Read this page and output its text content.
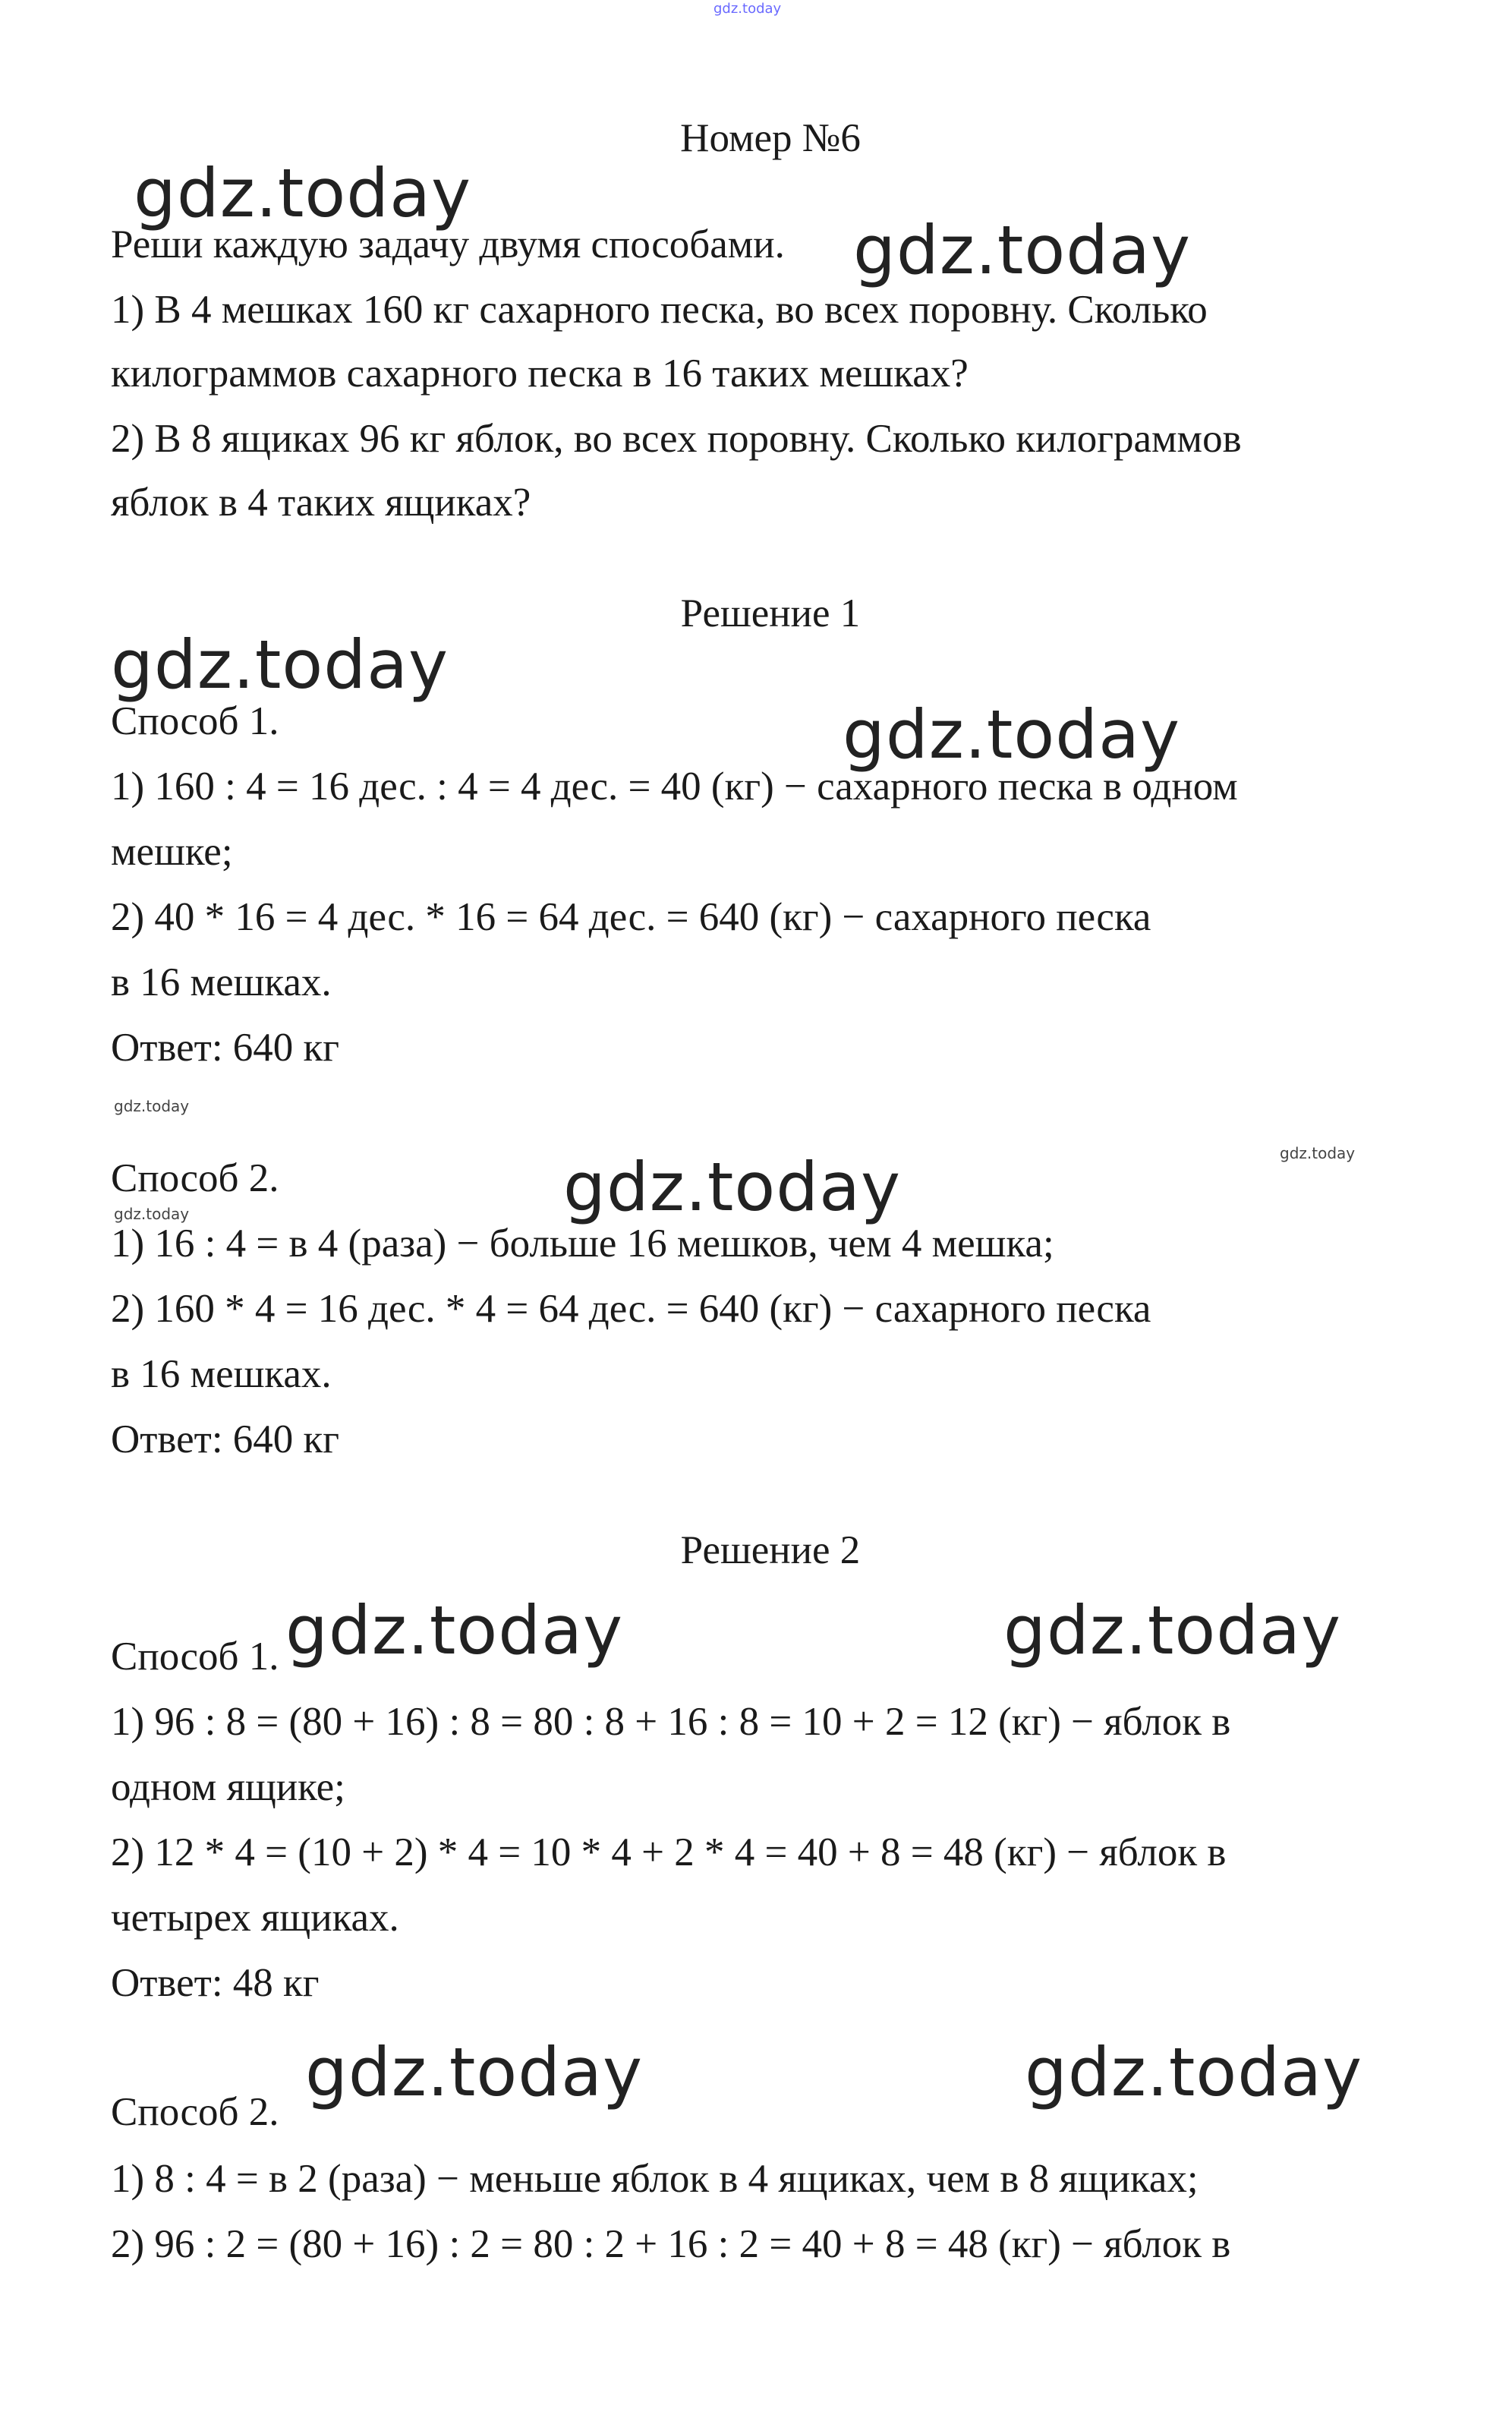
gdz.today
Номер №6
Реши каждую задачу двумя способами.
1) В 4 мешках 160 кг сахарного песка, во всех поровну. Сколько
килограммов сахарного песка в 16 таких мешках?
2) В 8 ящиках 96 кг яблок, во всех поровну. Сколько килограммов
яблок в 4 таких ящиках?
Решение 1
Способ 1.
1) 160 : 4 = 16 дес. : 4 = 4 дес. = 40 (кг) − сахарного песка в одном
мешке;
2) 40 * 16 = 4 дес. * 16 = 64 дес. = 640 (кг) − сахарного песка
в 16 мешках.
Ответ: 640 кг
Способ 2.
1) 16 : 4 = в 4 (раза) − больше 16 мешков, чем 4 мешка;
2) 160 * 4 = 16 дес. * 4 = 64 дес. = 640 (кг) − сахарного песка
в 16 мешках.
Ответ: 640 кг
Решение 2
Способ 1.
1) 96 : 8 = (80 + 16) : 8 = 80 : 8 + 16 : 8 = 10 + 2 = 12 (кг) − яблок в
одном ящике;
2) 12 * 4 = (10 + 2) * 4 = 10 * 4 + 2 * 4 = 40 + 8 = 48 (кг) − яблок в
четырех ящиках.
Ответ: 48 кг
Способ 2.
1) 8 : 4 = в 2 (раза) − меньше яблок в 4 ящиках, чем в 8 ящиках;
2) 96 : 2 = (80 + 16) : 2 = 80 : 2 + 16 : 2 = 40 + 8 = 48 (кг) − яблок в
gdz.today
gdz.today
gdz.today
gdz.today
gdz.today
gdz.today	gdz.today
gdz.today	gdz.today
gdz.today
gdz.today
gdz.today
